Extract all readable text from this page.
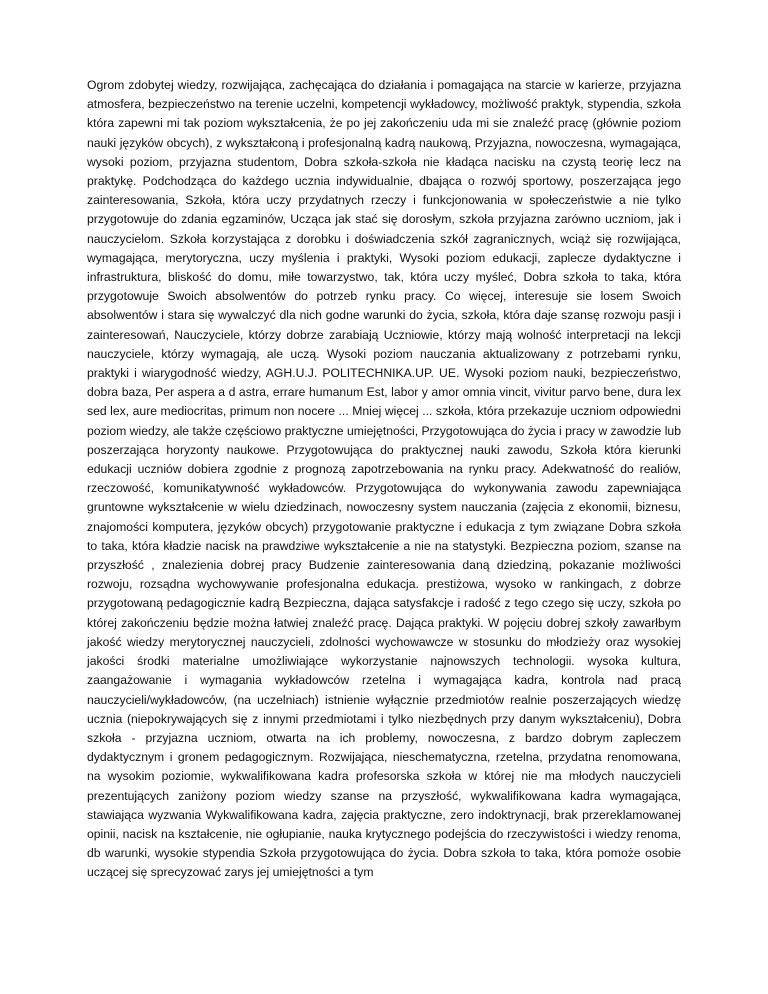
Ogrom zdobytej wiedzy, rozwijająca, zachęcająca do działania i pomagająca na starcie w karierze, przyjazna atmosfera, bezpieczeństwo na terenie uczelni, kompetencji wykładowcy, możliwość praktyk, stypendia, szkoła która zapewni mi tak poziom wykształcenia, że po jej zakończeniu uda mi sie znaleźć pracę (głównie poziom nauki języków obcych), z wykształconą i profesjonalną kadrą naukową, Przyjazna, nowoczesna, wymagająca, wysoki poziom, przyjazna studentom, Dobra szkoła-szkoła nie kładąca nacisku na czystą teorię lecz na praktykę. Podchodząca do każdego ucznia indywidualnie, dbająca o rozwój sportowy, poszerzająca jego zainteresowania, Szkoła, która uczy przydatnych rzeczy i funkcjonowania w społeczeństwie a nie tylko przygotowuje do zdania egzaminów, Ucząca jak stać się dorosłym, szkoła przyjazna zarówno uczniom, jak i nauczycielom. Szkoła korzystająca z dorobku i doświadczenia szkół zagranicznych, wciąż się rozwijająca, wymagająca, merytoryczna, uczy myślenia i praktyki, Wysoki poziom edukacji, zaplecze dydaktyczne i infrastruktura, bliskość do domu, miłe towarzystwo, tak, która uczy myśleć, Dobra szkoła to taka, która przygotowuje Swoich absolwentów do potrzeb rynku pracy. Co więcej, interesuje sie losem Swoich absolwentów i stara się wywalczyć dla nich godne warunki do życia, szkoła, która daje szansę rozwoju pasji i zainteresowań, Nauczyciele, którzy dobrze zarabiają Uczniowie, którzy mają wolność interpretacji na lekcji nauczyciele, którzy wymagają, ale uczą. Wysoki poziom nauczania aktualizowany z potrzebami rynku, praktyki i wiarygodność wiedzy, AGH.U.J. POLITECHNIKA.UP. UE. Wysoki poziom nauki, bezpieczeństwo, dobra baza, Per aspera a d astra, errare humanum Est, labor y amor omnia vincit, vivitur parvo bene, dura lex sed lex, aure mediocritas, primum non nocere ... Mniej więcej ... szkoła, która przekazuje uczniom odpowiedni poziom wiedzy, ale także częściowo praktyczne umiejętności, Przygotowująca do życia i pracy w zawodzie lub poszerzająca horyzonty naukowe. Przygotowująca do praktycznej nauki zawodu, Szkoła która kierunki edukacji uczniów dobiera zgodnie z prognozą zapotrzebowania na rynku pracy. Adekwatność do realiów, rzeczowość, komunikatywność wykładowców. Przygotowująca do wykonywania zawodu zapewniająca gruntowne wykształcenie w wielu dziedzinach, nowoczesny system nauczania (zajęcia z ekonomii, biznesu, znajomości komputera, języków obcych) przygotowanie praktyczne i edukacja z tym związane Dobra szkoła to taka, która kładzie nacisk na prawdziwe wykształcenie a nie na statystyki. Bezpieczna poziom, szanse na przyszłość , znalezienia dobrej pracy Budzenie zainteresowania daną dziedziną, pokazanie możliwości rozwoju, rozsądna wychowywanie profesjonalna edukacja. prestiżowa, wysoko w rankingach, z dobrze przygotowaną pedagogicznie kadrą Bezpieczna, dająca satysfakcje i radość z tego czego się uczy, szkoła po której zakończeniu będzie można łatwiej znaleźć pracę. Dająca praktyki. W pojęciu dobrej szkoły zawarłbym jakość wiedzy merytorycznej nauczycieli, zdolności wychowawcze w stosunku do młodzieży oraz wysokiej jakości środki materialne umożliwiające wykorzystanie najnowszych technologii. wysoka kultura, zaangażowanie i wymagania wykładowców rzetelna i wymagająca kadra, kontrola nad pracą nauczycieli/wykładowców, (na uczelniach) istnienie wyłącznie przedmiotów realnie poszerzających wiedzę ucznia (niepokrywających się z innymi przedmiotami i tylko niezbędnych przy danym wykształceniu), Dobra szkoła - przyjazna uczniom, otwarta na ich problemy, nowoczesna, z bardzo dobrym zapleczem dydaktycznym i gronem pedagogicznym. Rozwijająca, nieschematyczna, rzetelna, przydatna renomowana, na wysokim poziomie, wykwalifikowana kadra profesorska szkoła w której nie ma młodych nauczycieli prezentujących zaniżony poziom wiedzy szanse na przyszłość, wykwalifikowana kadra wymagająca, stawiająca wyzwania Wykwalifikowana kadra, zajęcia praktyczne, zero indoktrynacji, brak przereklamowanej opinii, nacisk na kształcenie, nie ogłupianie, nauka krytycznego podejścia do rzeczywistości i wiedzy renoma, db warunki, wysokie stypendia Szkoła przygotowująca do życia. Dobra szkoła to taka, która pomoże osobie uczącej się sprecyzować zarys jej umiejętności a tym
